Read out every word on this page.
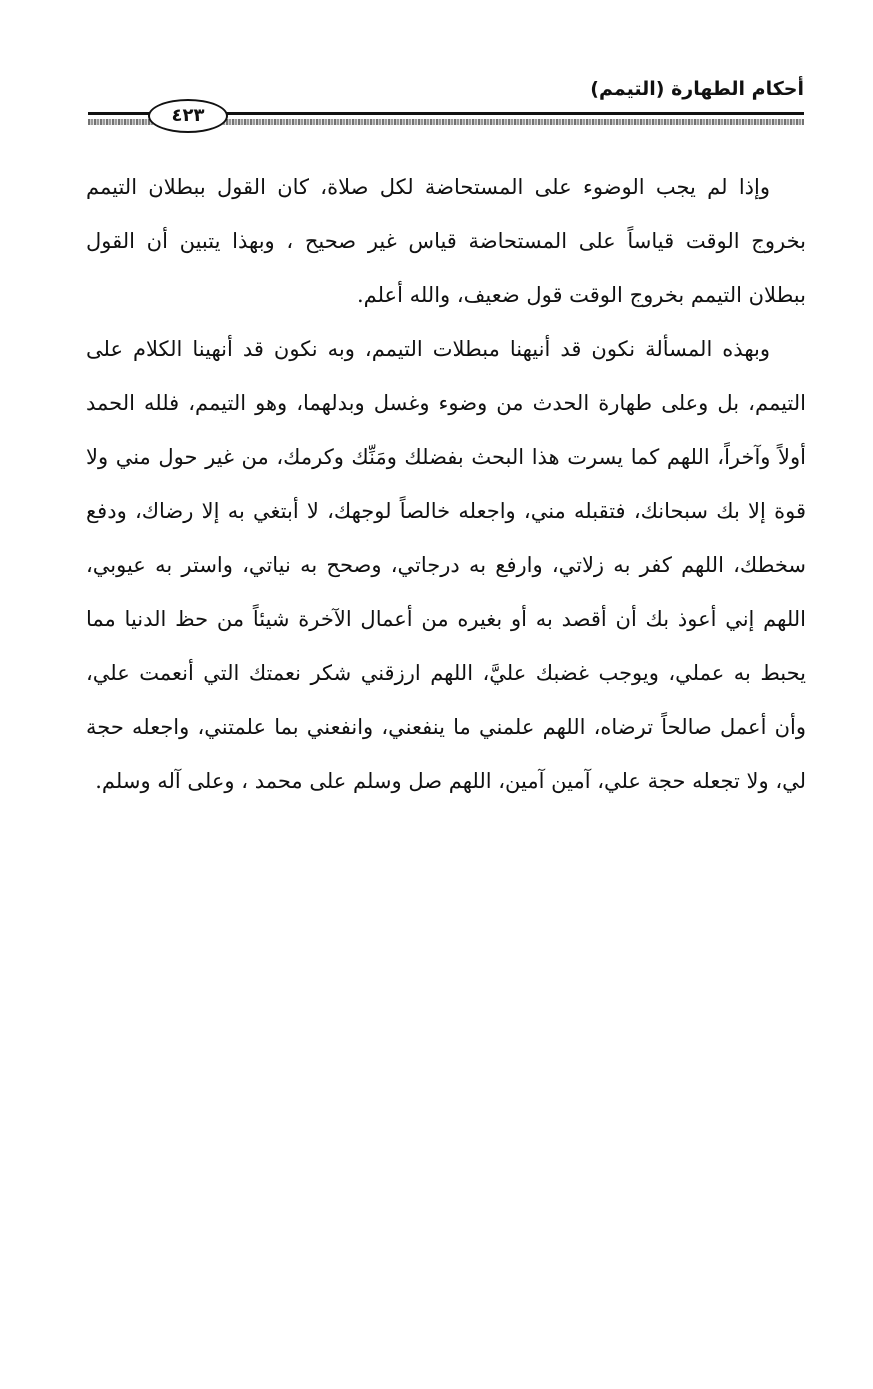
أحكام الطهارة (التيمم)
٤٢٣

وإذا لم يجب الوضوء على المستحاضة لكل صلاة، كان القول ببطلان التيمم بخروج الوقت قياساً على المستحاضة قياس غير صحيح ، وبهذا يتبين أن القول ببطلان التيمم بخروج الوقت قول ضعيف، والله أعلم.

وبهذه المسألة نكون قد أنيهنا مبطلات التيمم، وبه نكون قد أنهينا الكلام على التيمم، بل وعلى طهارة الحدث من وضوء وغسل وبدلهما، وهو التيمم، فلله الحمد أولاً وآخراً، اللهم كما يسرت هذا البحث بفضلك ومَنِّك وكرمك، من غير حول مني ولا قوة إلا بك سبحانك، فتقبله مني، واجعله خالصاً لوجهك، لا أبتغي به إلا رضاك، ودفع سخطك، اللهم كفر به زلاتي، وارفع به درجاتي، وصحح به نياتي، واستر به عيوبي، اللهم إني أعوذ بك أن أقصد به أو بغيره من أعمال الآخرة شيئاً من حظ الدنيا مما يحبط به عملي، ويوجب غضبك عليَّ، اللهم ارزقني شكر نعمتك التي أنعمت علي، وأن أعمل صالحاً ترضاه، اللهم علمني ما ينفعني، وانفعني بما علمتني، واجعله حجة لي، ولا تجعله حجة علي، آمين آمين، اللهم صل وسلم على محمد ، وعلى آله وسلم.
